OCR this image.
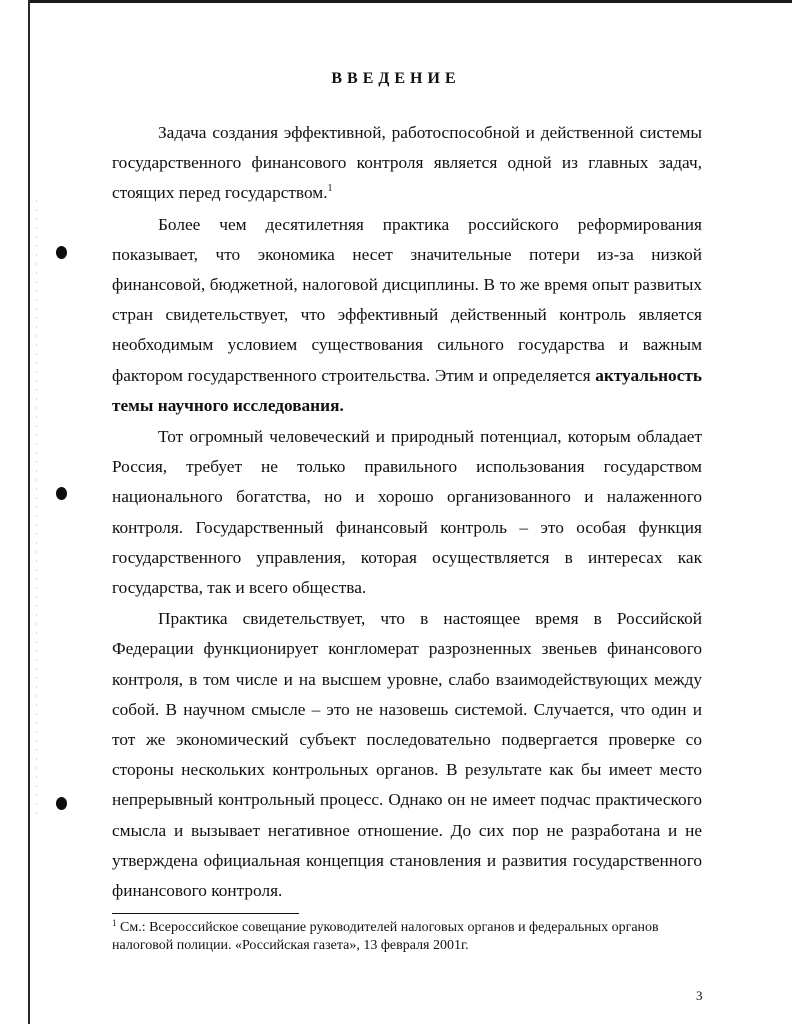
ВВЕДЕНИЕ

Задача создания эффективной, работоспособной и действенной системы государственного финансового контроля является одной из главных задач, стоящих перед государством.$^1$

Более чем десятилетняя практика российского реформирования показывает, что экономика несет значительные потери из-за низкой финансовой, бюджетной, налоговой дисциплины. В то же время опыт развитых стран свидетельствует, что эффективный действенный контроль является необходимым условием существования сильного государства и важным фактором государственного строительства. Этим и определяется актуальность темы научного исследования.

Тот огромный человеческий и природный потенциал, которым обладает Россия, требует не только правильного использования государством национального богатства, но и хорошо организованного и налаженного контроля. Государственный финансовый контроль – это особая функция государственного управления, которая осуществляется в интересах как государства, так и всего общества.

Практика свидетельствует, что в настоящее время в Российской Федерации функционирует конгломерат разрозненных звеньев финансового контроля, в том числе и на высшем уровне, слабо взаимодействующих между собой. В научном смысле – это не назовешь системой. Случается, что один и тот же экономический субъект последовательно подвергается проверке со стороны нескольких контрольных органов. В результате как бы имеет место непрерывный контрольный процесс. Однако он не имеет подчас практического смысла и вызывает негативное отношение. До сих пор не разработана и не утверждена официальная концепция становления и развития государственного финансового контроля.

$^1$ См.: Всероссийское совещание руководителей налоговых органов и федеральных органов налоговой полиции. «Российская газета», 13 февраля 2001г.
3
